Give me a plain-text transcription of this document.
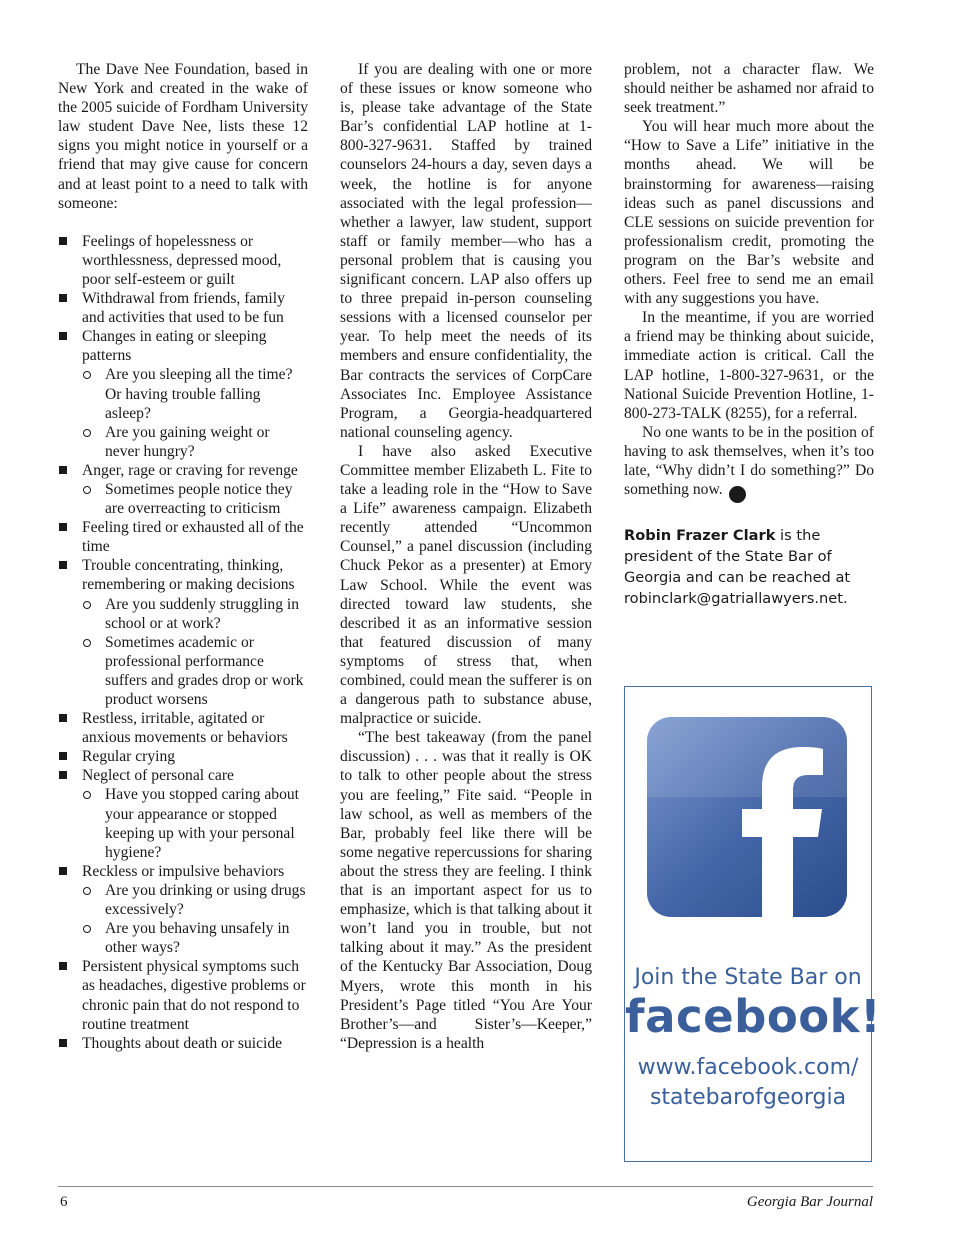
The Dave Nee Foundation, based in New York and created in the wake of the 2005 suicide of Fordham University law student Dave Nee, lists these 12 signs you might notice in yourself or a friend that may give cause for concern and at least point to a need to talk with someone:

Feelings of hopelessness or worthlessness, depressed mood, poor self-esteem or guilt
Withdrawal from friends, family and activities that used to be fun
Changes in eating or sleeping patterns
Are you sleeping all the time? Or having trouble falling asleep?
Are you gaining weight or never hungry?
Anger, rage or craving for revenge
Sometimes people notice they are overreacting to criticism
Feeling tired or exhausted all of the time
Trouble concentrating, thinking, remembering or making decisions
Are you suddenly struggling in school or at work?
Sometimes academic or professional performance suffers and grades drop or work product worsens
Restless, irritable, agitated or anxious movements or behaviors
Regular crying
Neglect of personal care
Have you stopped caring about your appearance or stopped keeping up with your personal hygiene?
Reckless or impulsive behaviors
Are you drinking or using drugs excessively?
Are you behaving unsafely in other ways?
Persistent physical symptoms such as headaches, digestive problems or chronic pain that do not respond to routine treatment
Thoughts about death or suicide

If you are dealing with one or more of these issues or know someone who is, please take advantage of the State Bar’s confidential LAP hotline at 1-800-327-9631. Staffed by trained counselors 24-hours a day, seven days a week, the hotline is for anyone associated with the legal profession—whether a lawyer, law student, support staff or family member—who has a personal problem that is causing you significant concern. LAP also offers up to three prepaid in-person counseling sessions with a licensed counselor per year. To help meet the needs of its members and ensure confidentiality, the Bar contracts the services of CorpCare Associates Inc. Employee Assistance Program, a Georgia-headquartered national counseling agency.

I have also asked Executive Committee member Elizabeth L. Fite to take a leading role in the “How to Save a Life” awareness campaign. Elizabeth recently attended “Uncommon Counsel,” a panel discussion (including Chuck Pekor as a presenter) at Emory Law School. While the event was directed toward law students, she described it as an informative session that featured discussion of many symptoms of stress that, when combined, could mean the sufferer is on a dangerous path to substance abuse, malpractice or suicide.

“The best takeaway (from the panel discussion) . . . was that it really is OK to talk to other people about the stress you are feeling,” Fite said. “People in law school, as well as members of the Bar, probably feel like there will be some negative repercussions for sharing about the stress they are feeling. I think that is an important aspect for us to emphasize, which is that talking about it won’t land you in trouble, but not talking about it may.” As the president of the Kentucky Bar Association, Doug Myers, wrote this month in his President’s Page titled “You Are Your Brother’s—and Sister’s—Keeper,” “Depression is a health

problem, not a character flaw. We should neither be ashamed nor afraid to seek treatment.”

You will hear much more about the “How to Save a Life” initiative in the months ahead. We will be brainstorming for awareness—raising ideas such as panel discussions and CLE sessions on suicide prevention for professionalism credit, promoting the program on the Bar’s website and others. Feel free to send me an email with any suggestions you have.

In the meantime, if you are worried a friend may be thinking about suicide, immediate action is critical. Call the LAP hotline, 1-800-327-9631, or the National Suicide Prevention Hotline, 1-800-273-TALK (8255), for a referral.

No one wants to be in the position of having to ask themselves, when it’s too late, “Why didn’t I do something?” Do something now.	GBJ

Robin Frazer Clark is the president of the State Bar of Georgia and can be reached at robinclark@gatriallawyers.net.

Join the State Bar on
facebook!
www.facebook.com/
statebarofgeorgia
6	Georgia Bar Journal
